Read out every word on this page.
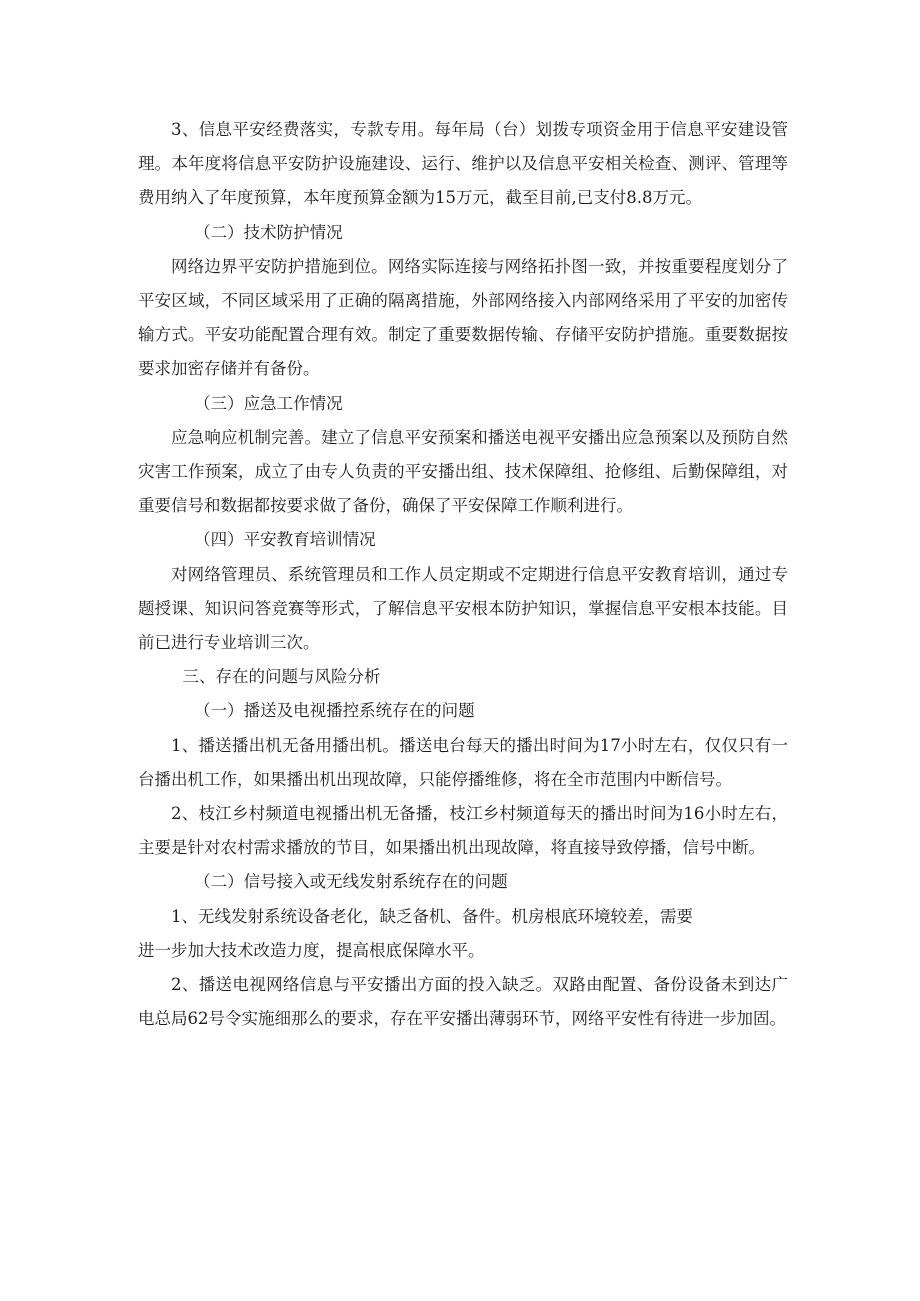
3、信息平安经费落实，专款专用。每年局（台）划拨专项资金用于信息平安建设管理。本年度将信息平安防护设施建设、运行、维护以及信息平安相关检查、测评、管理等费用纳入了年度预算，本年度预算金额为15万元，截至目前,已支付8.8万元。

（二）技术防护情况

网络边界平安防护措施到位。网络实际连接与网络拓扑图一致，并按重要程度划分了平安区域，不同区域采用了正确的隔离措施，外部网络接入内部网络采用了平安的加密传输方式。平安功能配置合理有效。制定了重要数据传输、存储平安防护措施。重要数据按要求加密存储并有备份。

（三）应急工作情况

应急响应机制完善。建立了信息平安预案和播送电视平安播出应急预案以及预防自然灾害工作预案，成立了由专人负责的平安播出组、技术保障组、抢修组、后勤保障组，对重要信号和数据都按要求做了备份，确保了平安保障工作顺利进行。

（四）平安教育培训情况

对网络管理员、系统管理员和工作人员定期或不定期进行信息平安教育培训，通过专题授课、知识问答竞赛等形式，了解信息平安根本防护知识，掌握信息平安根本技能。目前已进行专业培训三次。

三、存在的问题与风险分析

（一）播送及电视播控系统存在的问题

1、播送播出机无备用播出机。播送电台每天的播出时间为17小时左右，仅仅只有一台播出机工作，如果播出机出现故障，只能停播维修，将在全市范围内中断信号。

2、枝江乡村频道电视播出机无备播，枝江乡村频道每天的播出时间为16小时左右，主要是针对农村需求播放的节目，如果播出机出现故障，将直接导致停播，信号中断。

（二）信号接入或无线发射系统存在的问题

1、无线发射系统设备老化，缺乏备机、备件。机房根底环境较差，需要

进一步加大技术改造力度，提高根底保障水平。

2、播送电视网络信息与平安播出方面的投入缺乏。双路由配置、备份设备未到达广电总局62号令实施细那么的要求，存在平安播出薄弱环节，网络平安性有待进一步加固。
